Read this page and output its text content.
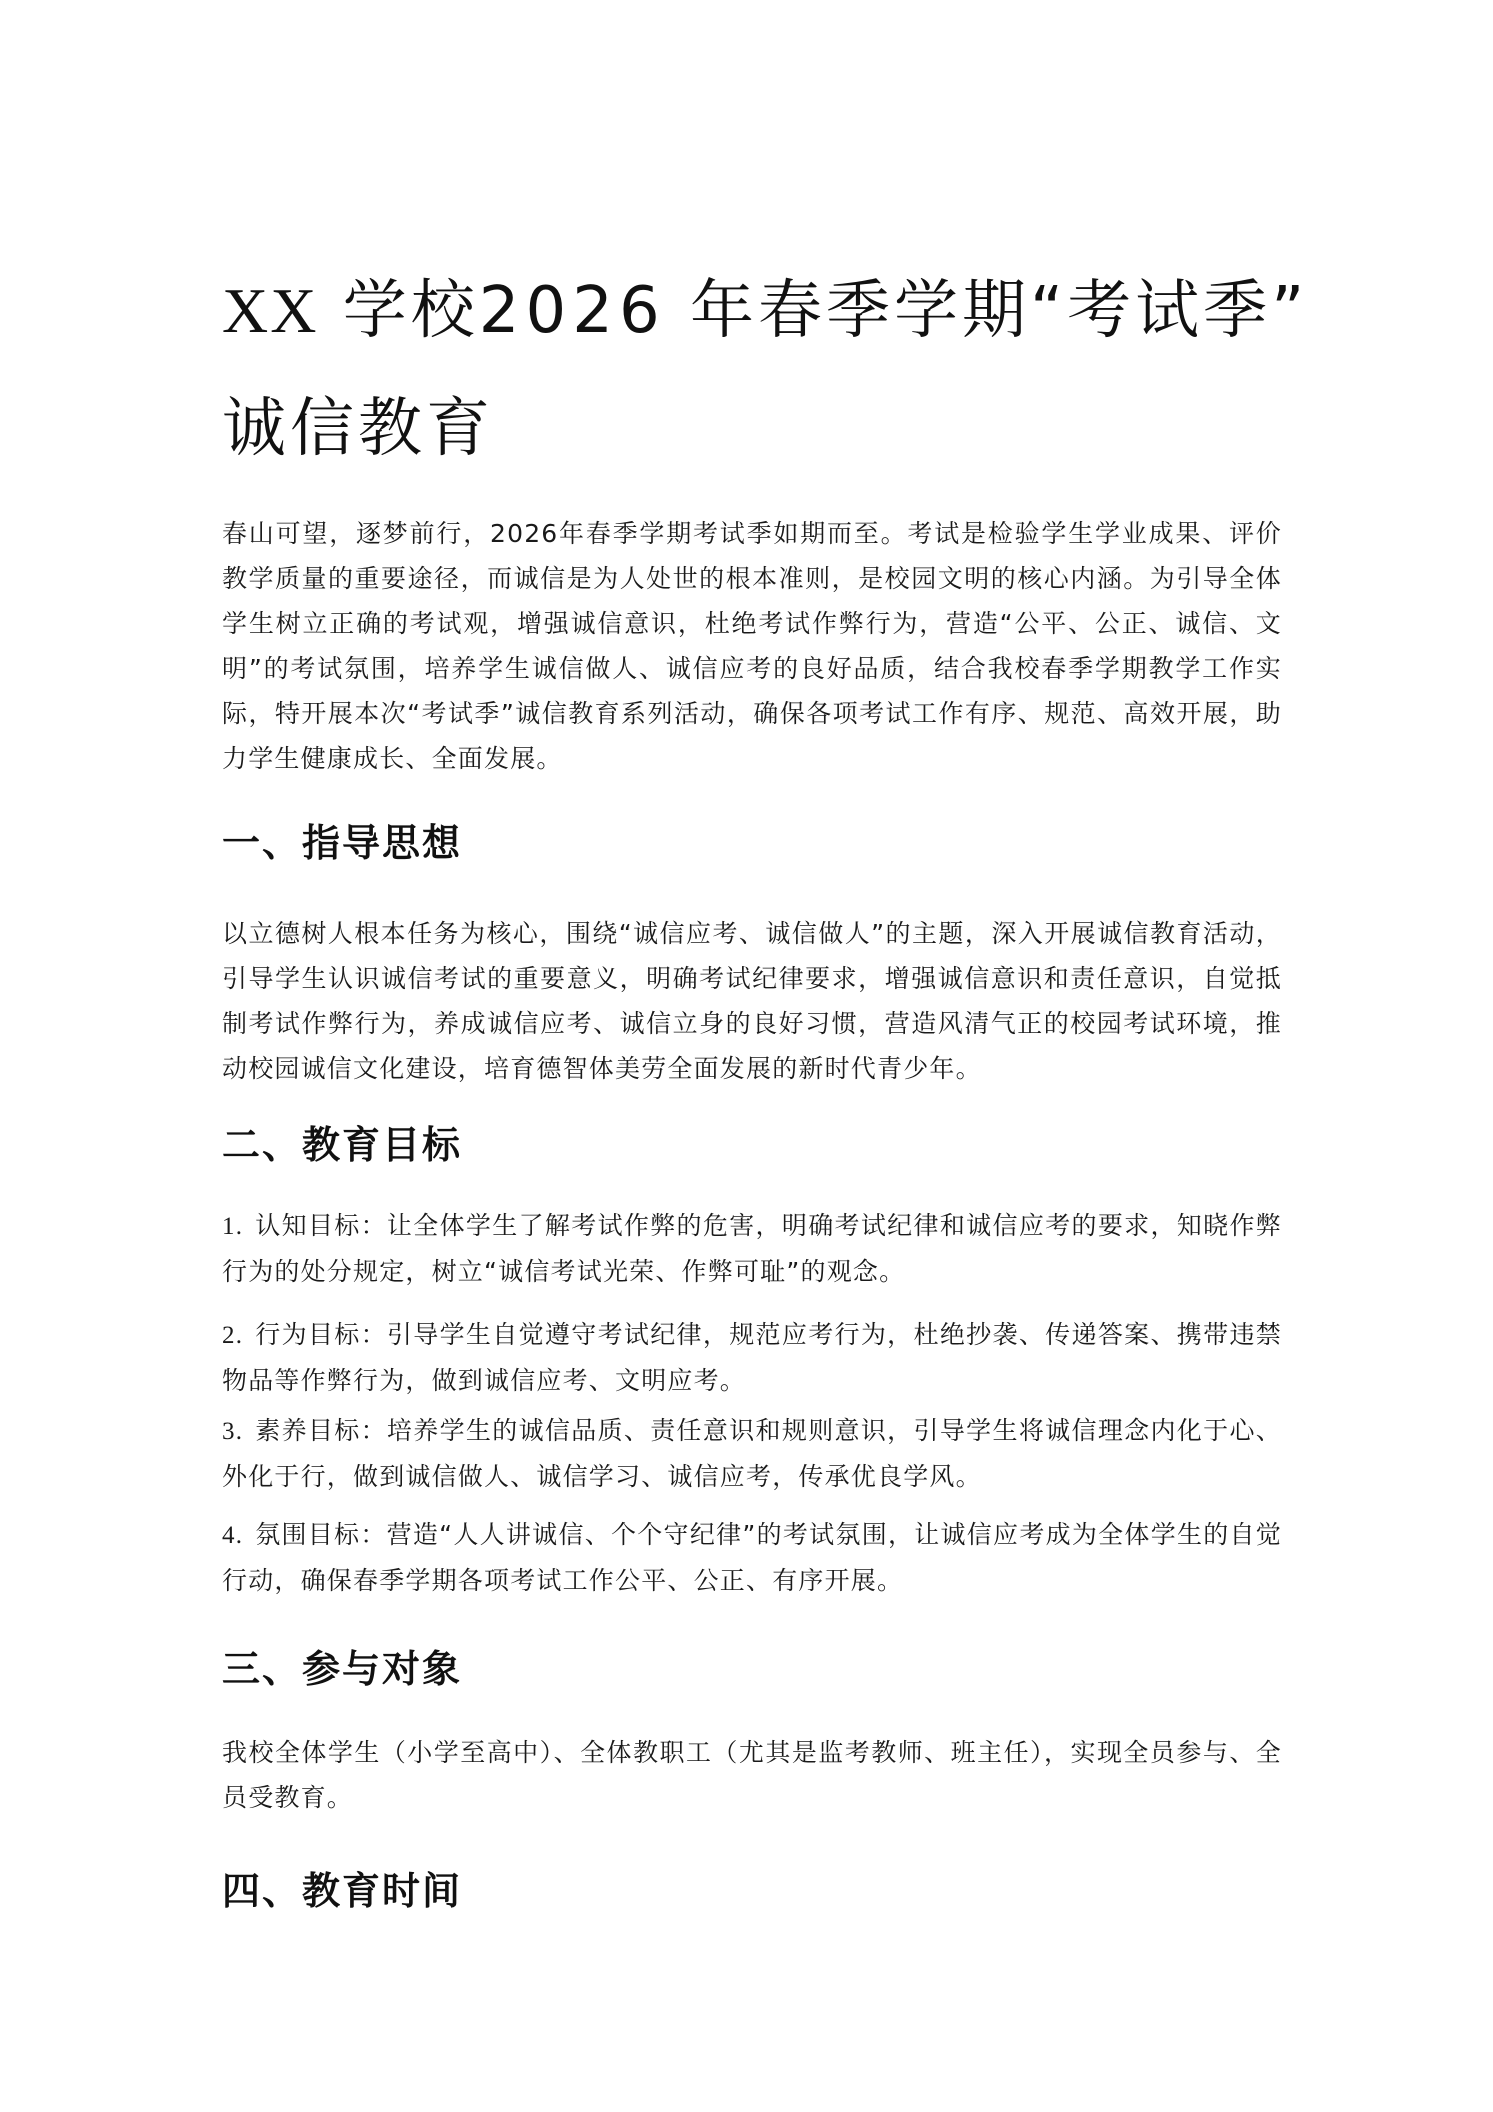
XX 学校2026 年春季学期“考试季”
诚信教育

春山可望，逐梦前行，2026年春季学期考试季如期而至。考试是检验学生学业成果、评价教学质量的重要途径，而诚信是为人处世的根本准则，是校园文明的核心内涵。为引导全体学生树立正确的考试观，增强诚信意识，杜绝考试作弊行为，营造“公平、公正、诚信、文明”的考试氛围，培养学生诚信做人、诚信应考的良好品质，结合我校春季学期教学工作实际，特开展本次“考试季”诚信教育系列活动，确保各项考试工作有序、规范、高效开展，助力学生健康成长、全面发展。

一、指导思想

以立德树人根本任务为核心，围绕“诚信应考、诚信做人”的主题，深入开展诚信教育活动，引导学生认识诚信考试的重要意义，明确考试纪律要求，增强诚信意识和责任意识，自觉抵制考试作弊行为，养成诚信应考、诚信立身的良好习惯，营造风清气正的校园考试环境，推动校园诚信文化建设，培育德智体美劳全面发展的新时代青少年。

二、教育目标

1. 认知目标：让全体学生了解考试作弊的危害，明确考试纪律和诚信应考的要求，知晓作弊行为的处分规定，树立“诚信考试光荣、作弊可耻”的观念。

2. 行为目标：引导学生自觉遵守考试纪律，规范应考行为，杜绝抄袭、传递答案、携带违禁物品等作弊行为，做到诚信应考、文明应考。

3. 素养目标：培养学生的诚信品质、责任意识和规则意识，引导学生将诚信理念内化于心、外化于行，做到诚信做人、诚信学习、诚信应考，传承优良学风。

4. 氛围目标：营造“人人讲诚信、个个守纪律”的考试氛围，让诚信应考成为全体学生的自觉行动，确保春季学期各项考试工作公平、公正、有序开展。

三、参与对象

我校全体学生（小学至高中）、全体教职工（尤其是监考教师、班主任），实现全员参与、全员受教育。

四、教育时间
